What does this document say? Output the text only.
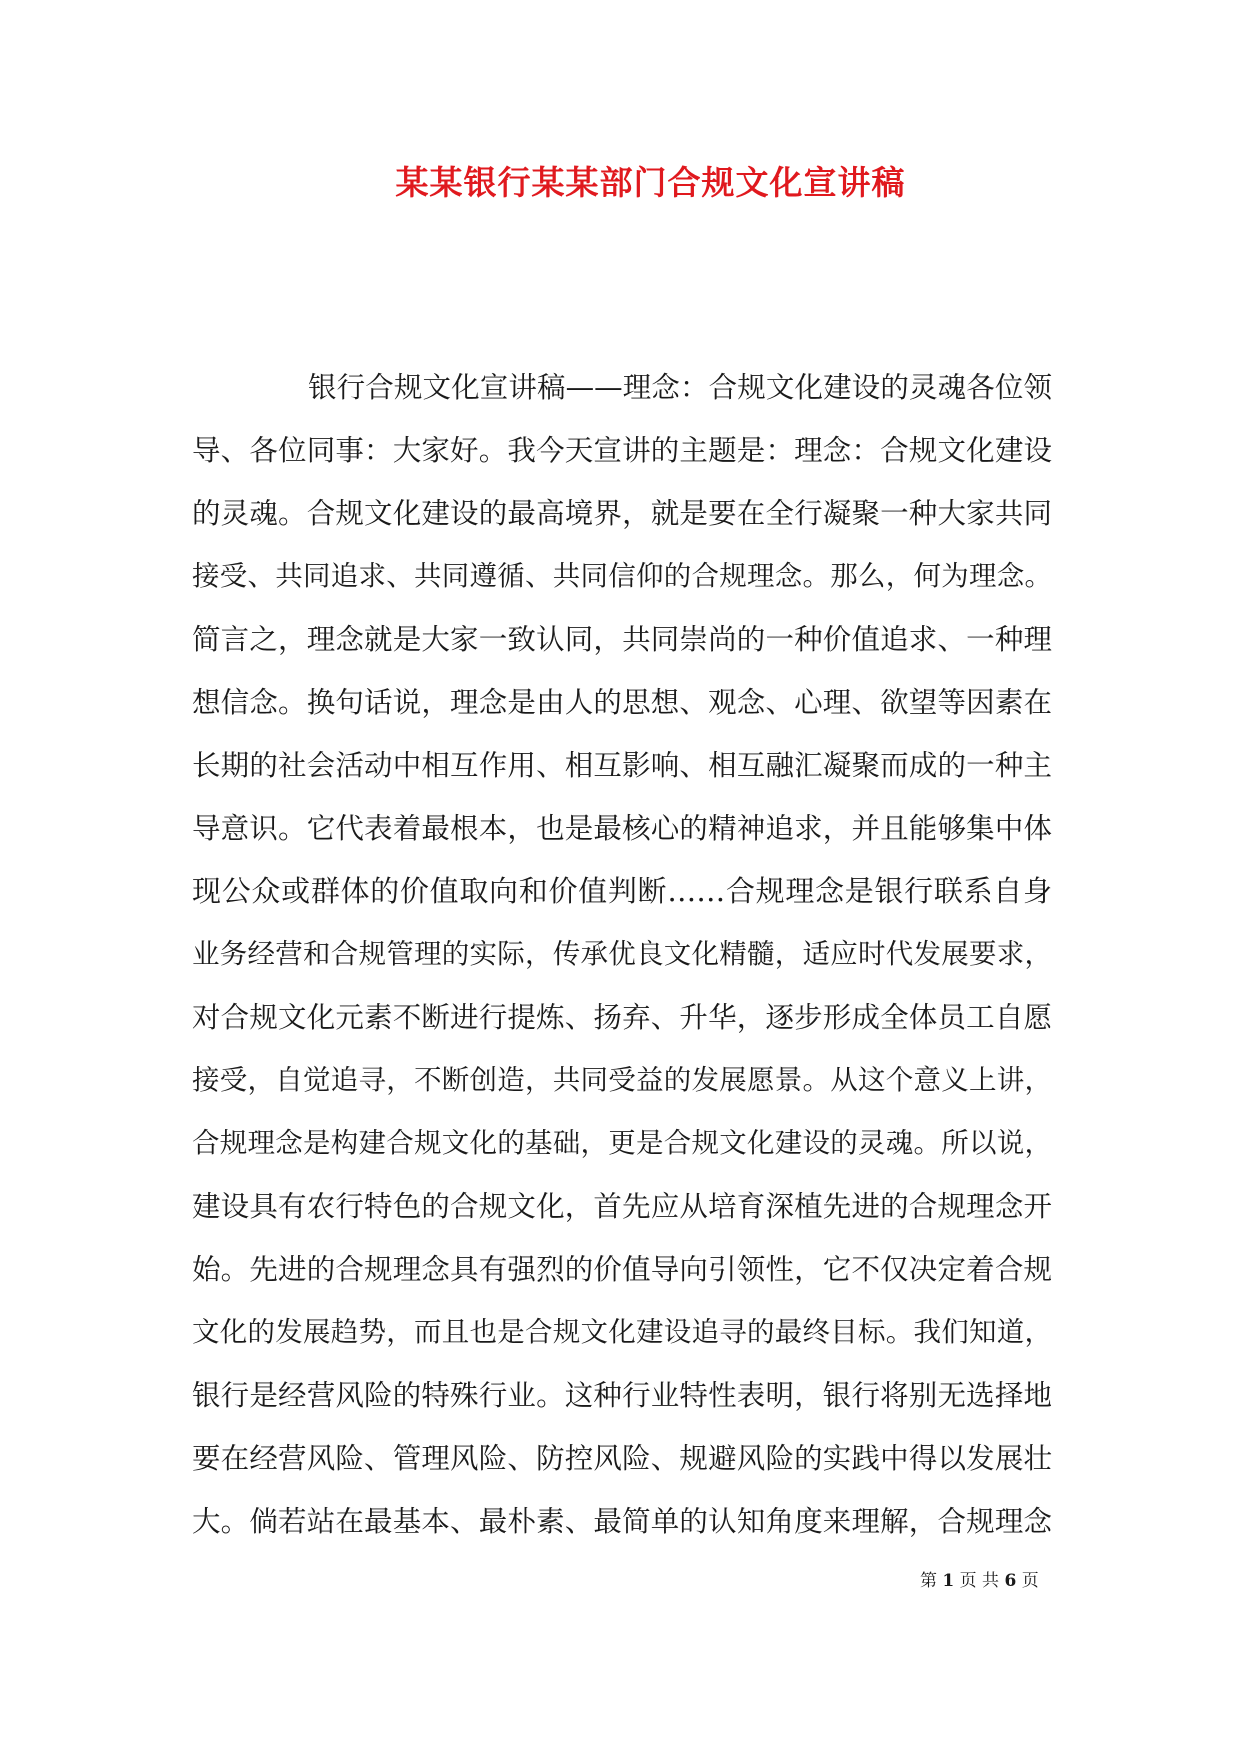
某某银行某某部门合规文化宣讲稿
银行合规文化宣讲稿——理念：合规文化建设的灵魂各位领
导、各位同事：大家好。我今天宣讲的主题是：理念：合规文化建设
的灵魂。合规文化建设的最高境界，就是要在全行凝聚一种大家共同
接受、共同追求、共同遵循、共同信仰的合规理念。那么，何为理念。
简言之，理念就是大家一致认同，共同崇尚的一种价值追求、一种理
想信念。换句话说，理念是由人的思想、观念、心理、欲望等因素在
长期的社会活动中相互作用、相互影响、相互融汇凝聚而成的一种主
导意识。它代表着最根本，也是最核心的精神追求，并且能够集中体
现公众或群体的价值取向和价值判断……合规理念是银行联系自身
业务经营和合规管理的实际，传承优良文化精髓，适应时代发展要求，
对合规文化元素不断进行提炼、扬弃、升华，逐步形成全体员工自愿
接受，自觉追寻，不断创造，共同受益的发展愿景。从这个意义上讲，
合规理念是构建合规文化的基础，更是合规文化建设的灵魂。所以说，
建设具有农行特色的合规文化，首先应从培育深植先进的合规理念开
始。先进的合规理念具有强烈的价值导向引领性，它不仅决定着合规
文化的发展趋势，而且也是合规文化建设追寻的最终目标。我们知道，
银行是经营风险的特殊行业。这种行业特性表明，银行将别无选择地
要在经营风险、管理风险、防控风险、规避风险的实践中得以发展壮
大。倘若站在最基本、最朴素、最简单的认知角度来理解，合规理念
第 1 页 共 6 页
